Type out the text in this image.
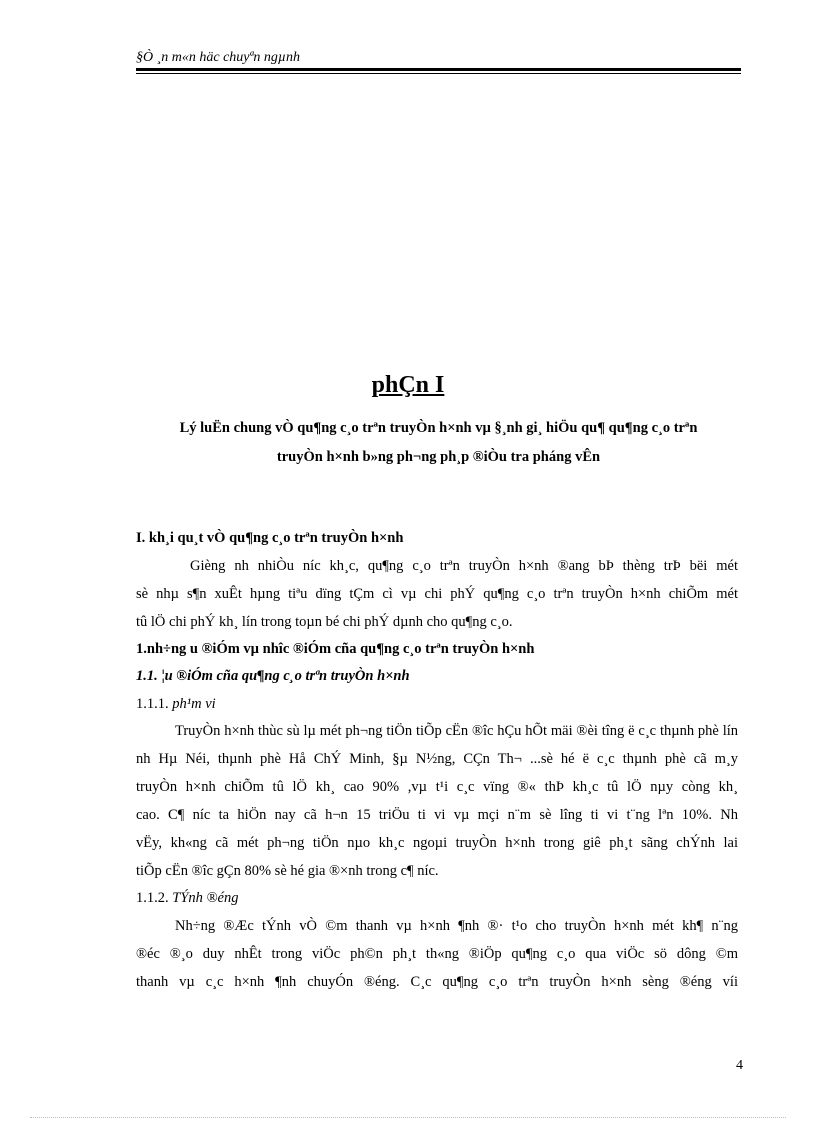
§Ò ¸n m«n häc chuyªn ngµnh
phÇn I
Lý luËn chung vÒ qu¶ng c¸o trªn truyÒn h×nh vµ §¸nh gi¸ hiÖu qu¶ qu¶ng c¸o trªn
truyÒn h×nh b»ng ph¬ng ph¸p ®iÒu tra pháng vÊn
I. kh¸i qu¸t vÒ qu¶ng c¸o trªn truyÒn h×nh
Gièng nh nhiÒu níc kh¸c, qu¶ng c¸o trªn truyÒn h×nh ®ang bÞ thèng trÞ bëi mét
sè nhµ s¶n xuÊt hµng tiªu dïng tÇm cì vµ chi phÝ qu¶ng c¸o trªn truyÒn h×nh chiÕm mét
tû lÖ chi phÝ kh¸ lín trong toµn bé chi phÝ dµnh cho qu¶ng c¸o.
1.nh÷ng u ®iÓm vµ nhîc ®iÓm cña qu¶ng c¸o trªn truyÒn h×nh
1.1. ¦u ®iÓm cña qu¶ng c¸o trªn truyÒn h×nh
1.1.1. ph¹m vi
TruyÒn h×nh thùc sù lµ mét ph¬ng tiÖn tiÕp cËn ®îc hÇu hÕt mäi ®èi tîng ë c¸c thµnh phè lín
nh Hµ Néi, thµnh phè Hå ChÝ Minh, §µ N½ng, CÇn Th¬ ...sè hé ë c¸c thµnh phè cã m¸y
truyÒn h×nh chiÕm tû lÖ kh¸ cao 90% ,vµ t¹i c¸c vïng ®« thÞ kh¸c tû lÖ nµy còng kh¸
cao. C¶ níc ta hiÖn nay cã h¬n 15 triÖu ti vi vµ mçi n¨m sè lîng ti vi t¨ng lªn 10%. Nh
vËy, kh«ng cã mét ph¬ng tiÖn nµo kh¸c ngoµi truyÒn h×nh trong giê ph¸t sãng chÝnh lai
tiÕp cËn ®îc gÇn 80% sè hé gia ®×nh trong c¶ níc.
1.1.2. TÝnh ®éng
Nh÷ng ®Æc tÝnh vÒ ©m thanh vµ h×nh ¶nh ®· t¹o cho truyÒn h×nh mét kh¶ n¨ng
®éc ®¸o duy nhÊt trong viÖc ph©n ph¸t th«ng ®iÖp qu¶ng c¸o qua viÖc sö dông ©m
thanh vµ c¸c h×nh ¶nh chuyÓn ®éng. C¸c qu¶ng c¸o trªn truyÒn h×nh sèng ®éng víi
4
